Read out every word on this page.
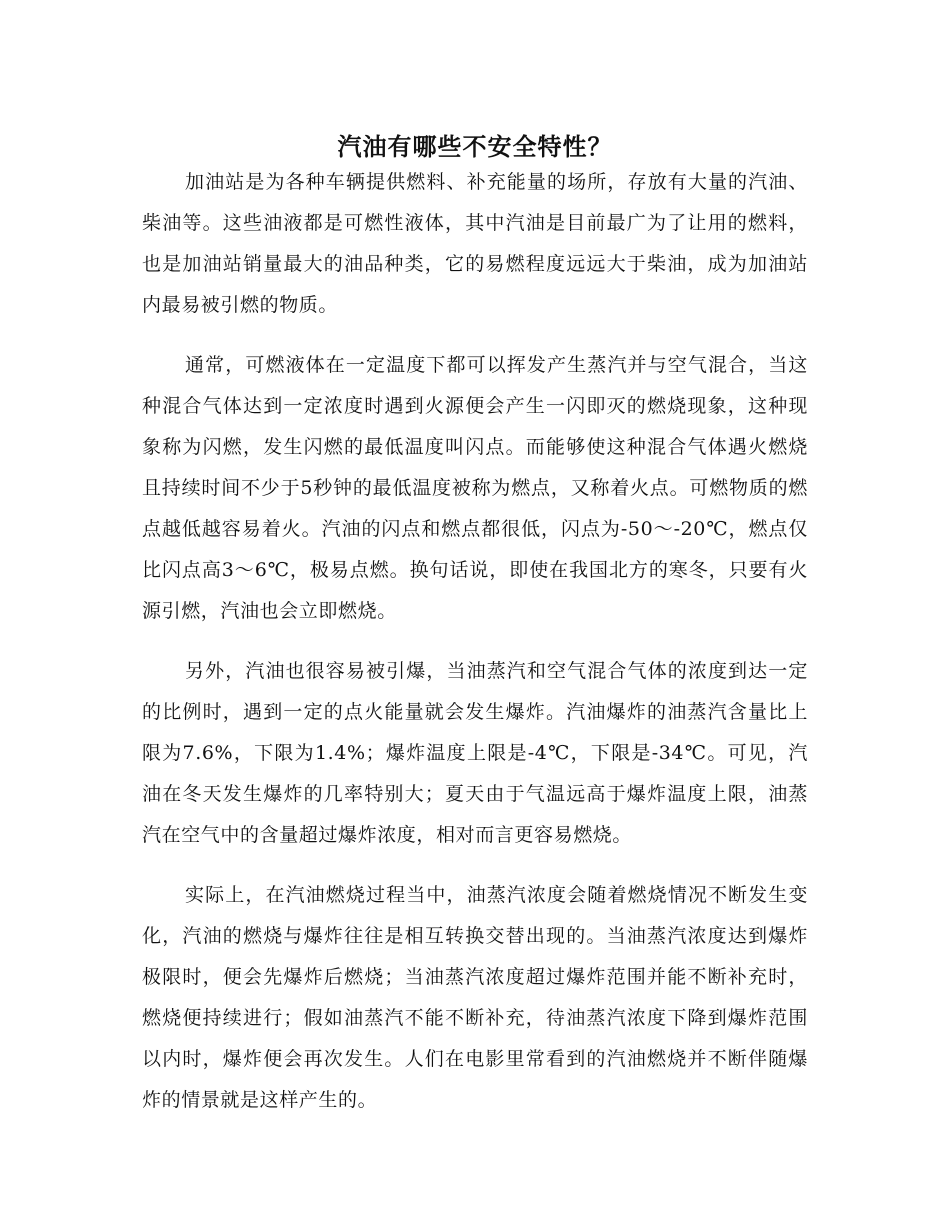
汽油有哪些不安全特性？

加油站是为各种车辆提供燃料、补充能量的场所，存放有大量的汽油、柴油等。这些油液都是可燃性液体，其中汽油是目前最广为了让用的燃料，也是加油站销量最大的油品种类，它的易燃程度远远大于柴油，成为加油站内最易被引燃的物质。

通常，可燃液体在一定温度下都可以挥发产生蒸汽并与空气混合，当这种混合气体达到一定浓度时遇到火源便会产生一闪即灭的燃烧现象，这种现象称为闪燃，发生闪燃的最低温度叫闪点。而能够使这种混合气体遇火燃烧且持续时间不少于5秒钟的最低温度被称为燃点，又称着火点。可燃物质的燃点越低越容易着火。汽油的闪点和燃点都很低，闪点为-50～-20℃，燃点仅比闪点高3～6℃，极易点燃。换句话说，即使在我国北方的寒冬，只要有火源引燃，汽油也会立即燃烧。

另外，汽油也很容易被引爆，当油蒸汽和空气混合气体的浓度到达一定的比例时，遇到一定的点火能量就会发生爆炸。汽油爆炸的油蒸汽含量比上限为7.6%，下限为1.4%；爆炸温度上限是-4℃，下限是-34℃。可见，汽油在冬天发生爆炸的几率特别大；夏天由于气温远高于爆炸温度上限，油蒸汽在空气中的含量超过爆炸浓度，相对而言更容易燃烧。

实际上，在汽油燃烧过程当中，油蒸汽浓度会随着燃烧情况不断发生变化，汽油的燃烧与爆炸往往是相互转换交替出现的。当油蒸汽浓度达到爆炸极限时，便会先爆炸后燃烧；当油蒸汽浓度超过爆炸范围并能不断补充时，燃烧便持续进行；假如油蒸汽不能不断补充，待油蒸汽浓度下降到爆炸范围以内时，爆炸便会再次发生。人们在电影里常看到的汽油燃烧并不断伴随爆炸的情景就是这样产生的。
